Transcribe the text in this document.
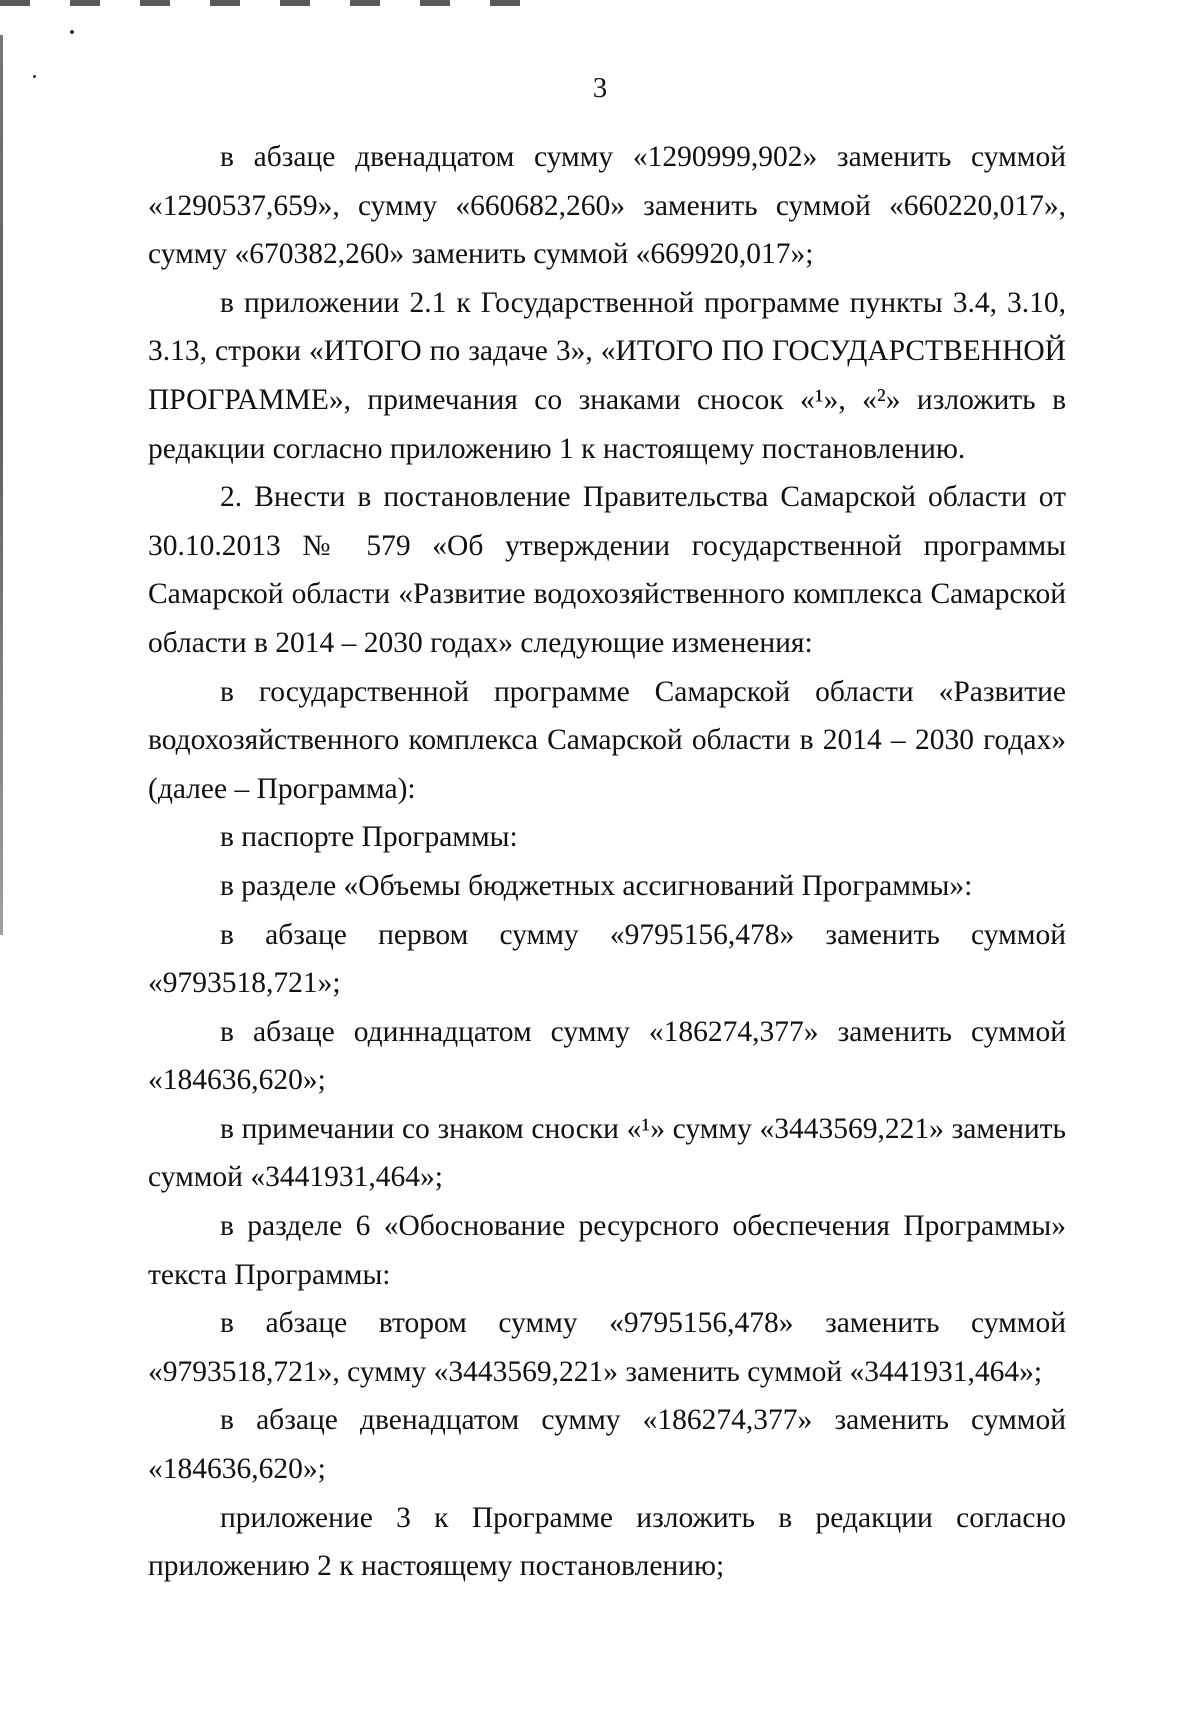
3

в абзаце двенадцатом сумму «1290999,902» заменить суммой «1290537,659», сумму «660682,260» заменить суммой «660220,017», сумму «670382,260» заменить суммой «669920,017»;

в приложении 2.1 к Государственной программе пункты 3.4, 3.10, 3.13, строки «ИТОГО по задаче 3», «ИТОГО ПО ГОСУДАРСТВЕННОЙ ПРОГРАММЕ», примечания со знаками сносок «¹», «²» изложить в редакции согласно приложению 1 к настоящему постановлению.

2. Внести в постановление Правительства Самарской области от 30.10.2013 № 579 «Об утверждении государственной программы Самарской области «Развитие водохозяйственного комплекса Самарской области в 2014 – 2030 годах» следующие изменения:

в государственной программе Самарской области «Развитие водохозяйственного комплекса Самарской области в 2014 – 2030 годах» (далее – Программа):

в паспорте Программы:

в разделе «Объемы бюджетных ассигнований Программы»:

в абзаце первом сумму «9795156,478» заменить суммой «9793518,721»;

в абзаце одиннадцатом сумму «186274,377» заменить суммой «184636,620»;

в примечании со знаком сноски «¹» сумму «3443569,221» заменить суммой «3441931,464»;

в разделе 6 «Обоснование ресурсного обеспечения Программы» текста Программы:

в абзаце втором сумму «9795156,478» заменить суммой «9793518,721», сумму «3443569,221» заменить суммой «3441931,464»;

в абзаце двенадцатом сумму «186274,377» заменить суммой «184636,620»;

приложение 3 к Программе изложить в редакции согласно приложению 2 к настоящему постановлению;
